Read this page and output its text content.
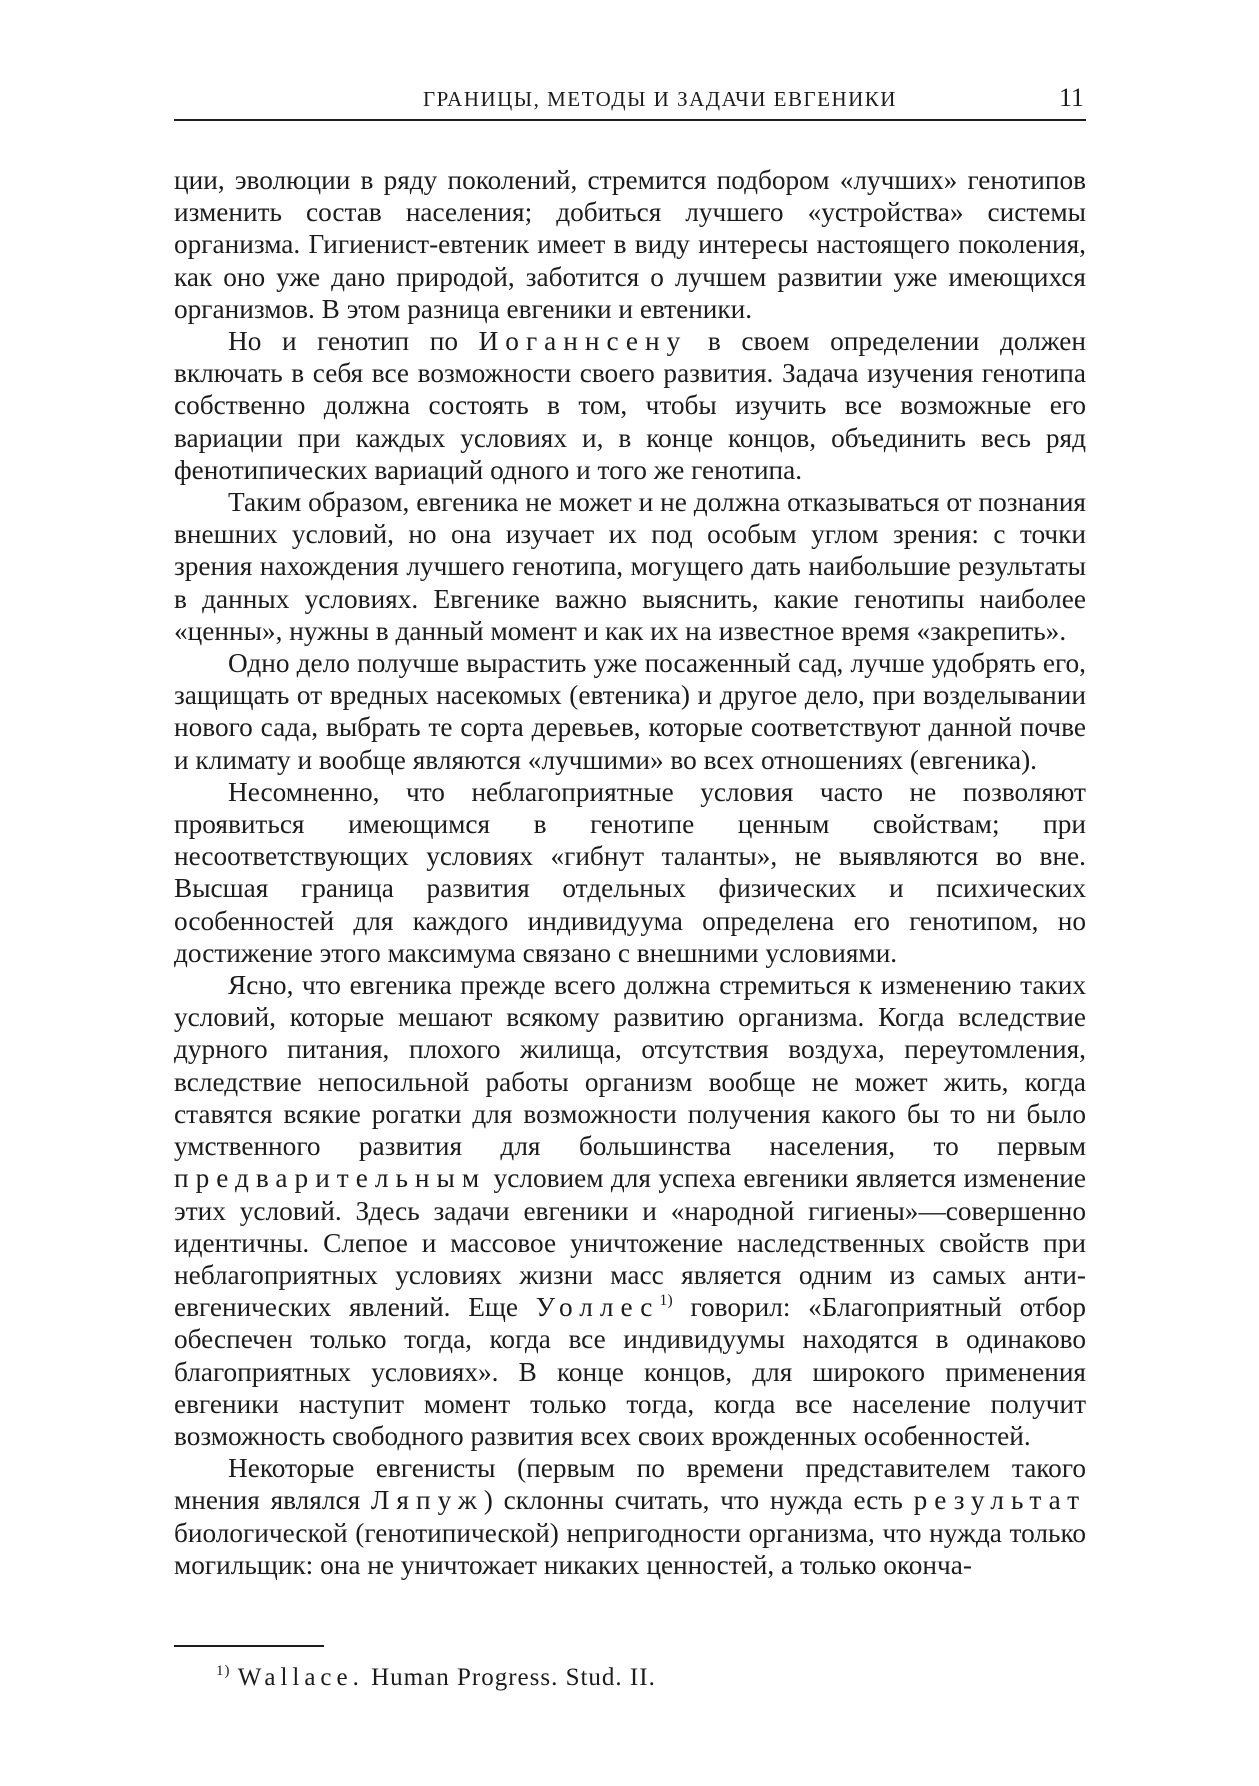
ГРАНИЦЫ, МЕТОДЫ И ЗАДАЧИ ЕВГЕНИКИ	11

ции, эволюции в ряду поколений, стремится подбором «лучших» генотипов изменить состав населения; добиться лучшего «устройства» системы организма. Гигиенист-евтеник имеет в виду интересы настоящего поколения, как оно уже дано природой, заботится о лучшем развитии уже имеющихся организмов. В этом разница евгеники и евтеники.

Но и генотип по Иоганнсену в своем определении должен включать в себя все возможности своего развития. Задача изучения генотипа собственно должна состоять в том, чтобы изучить все возможные его вариации при каждых условиях и, в конце концов, объединить весь ряд фенотипических вариаций одного и того же генотипа.

Таким образом, евгеника не может и не должна отказываться от познания внешних условий, но она изучает их под особым углом зрения: с точки зрения нахождения лучшего генотипа, могущего дать наибольшие результаты в данных условиях. Евгенике важно выяснить, какие генотипы наиболее «ценны», нужны в данный момент и как их на известное время «закрепить».

Одно дело получше вырастить уже посаженный сад, лучше удобрять его, защищать от вредных насекомых (евтеника) и другое дело, при возделывании нового сада, выбрать те сорта деревьев, которые соответствуют данной почве и климату и вообще являются «лучшими» во всех отношениях (евгеника).

Несомненно, что неблагоприятные условия часто не позволяют проявиться имеющимся в генотипе ценным свойствам; при несоответствующих условиях «гибнут таланты», не выявляются во вне. Высшая граница развития отдельных физических и психических особенностей для каждого индивидуума определена его генотипом, но достижение этого максимума связано с внешними условиями.

Ясно, что евгеника прежде всего должна стремиться к изменению таких условий, которые мешают всякому развитию организма. Когда вследствие дурного питания, плохого жилища, отсутствия воздуха, переутомления, вследствие непосильной работы организм вообще не может жить, когда ставятся всякие рогатки для возможности получения какого бы то ни было умственного развития для большинства населения, то первым предварительным условием для успеха евгеники является изменение этих условий. Здесь задачи евгеники и «народной гигиены»—совершенно идентичны. Слепое и массовое уничтожение наследственных свойств при неблагоприятных условиях жизни масс является одним из самых анти-евгенических явлений. Еще Уоллес$^{1)}$ говорил: «Благоприятный отбор обеспечен только тогда, когда все индивидуумы находятся в одинаково благоприятных условиях». В конце концов, для широкого применения евгеники наступит момент только тогда, когда все население получит возможность свободного развития всех своих врожденных особенностей.

Некоторые евгенисты (первым по времени представителем такого мнения являлся Ляпуж) склонны считать, что нужда есть результат биологической (генотипической) непригодности организма, что нужда только могильщик: она не уничтожает никаких ценностей, а только оконча-

$^{1)}$ Wallace. Human Progress. Stud. II.
